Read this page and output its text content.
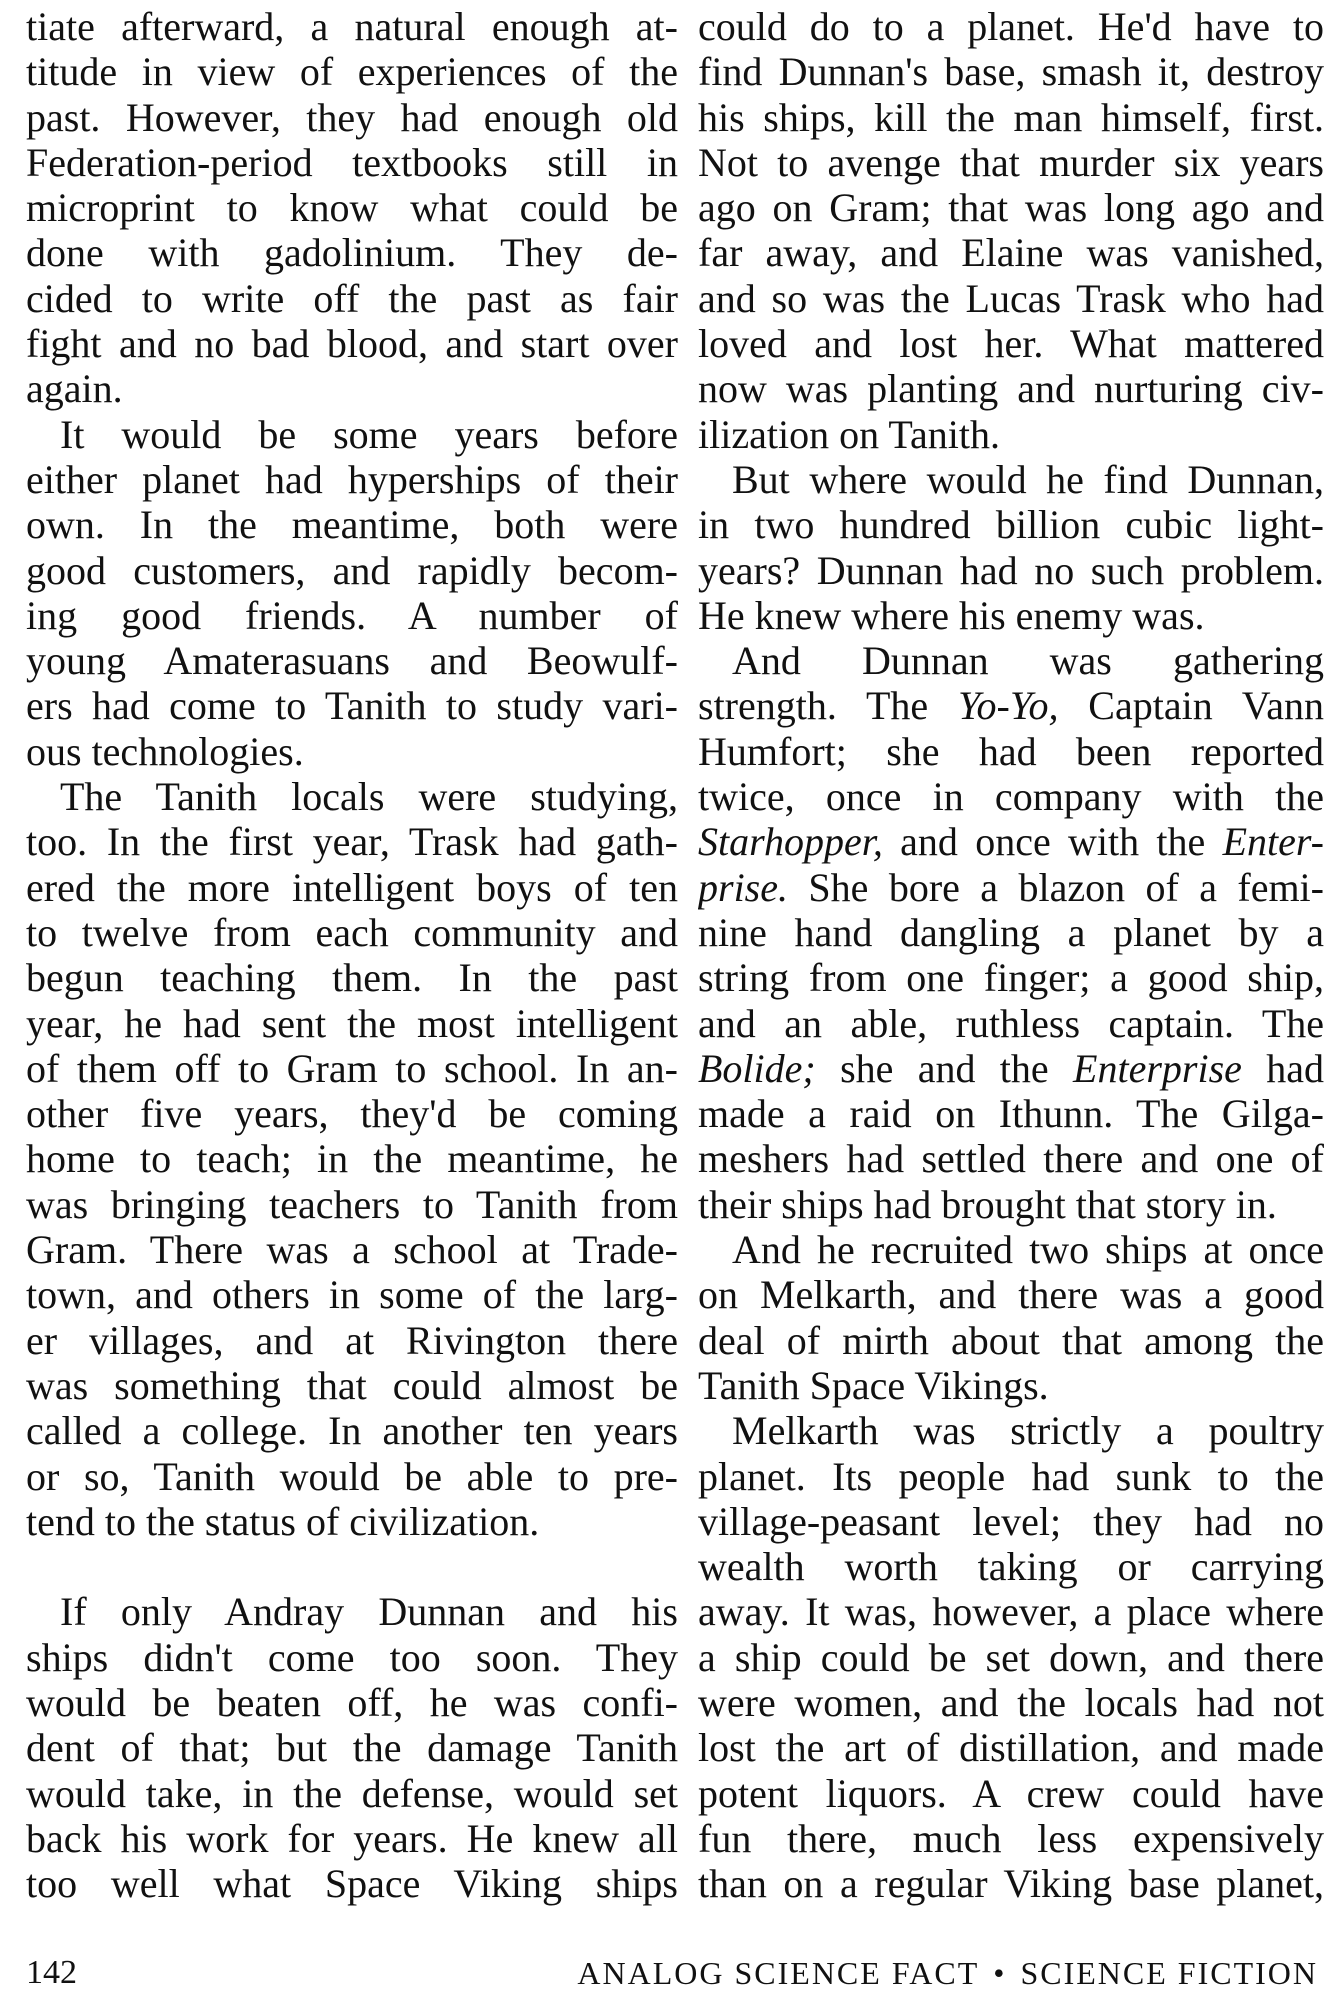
tiate afterward, a natural enough at-
titude in view of experiences of the
past. However, they had enough old
Federation-period textbooks still in
microprint to know what could be
done with gadolinium. They de-
cided to write off the past as fair
fight and no bad blood, and start over
again.
It would be some years before
either planet had hyperships of their
own. In the meantime, both were
good customers, and rapidly becom-
ing good friends. A number of
young Amaterasuans and Beowulf-
ers had come to Tanith to study vari-
ous technologies.
The Tanith locals were studying,
too. In the first year, Trask had gath-
ered the more intelligent boys of ten
to twelve from each community and
begun teaching them. In the past
year, he had sent the most intelligent
of them off to Gram to school. In an-
other five years, they'd be coming
home to teach; in the meantime, he
was bringing teachers to Tanith from
Gram. There was a school at Trade-
town, and others in some of the larg-
er villages, and at Rivington there
was something that could almost be
called a college. In another ten years
or so, Tanith would be able to pre-
tend to the status of civilization.
If only Andray Dunnan and his
ships didn't come too soon. They
would be beaten off, he was confi-
dent of that; but the damage Tanith
would take, in the defense, would set
back his work for years. He knew all
too well what Space Viking ships
could do to a planet. He'd have to
find Dunnan's base, smash it, destroy
his ships, kill the man himself, first.
Not to avenge that murder six years
ago on Gram; that was long ago and
far away, and Elaine was vanished,
and so was the Lucas Trask who had
loved and lost her. What mattered
now was planting and nurturing civ-
ilization on Tanith.
But where would he find Dunnan,
in two hundred billion cubic light-
years? Dunnan had no such problem.
He knew where his enemy was.
And Dunnan was gathering
strength. The Yo-Yo, Captain Vann
Humfort; she had been reported
twice, once in company with the
Starhopper, and once with the Enter-
prise. She bore a blazon of a femi-
nine hand dangling a planet by a
string from one finger; a good ship,
and an able, ruthless captain. The
Bolide; she and the Enterprise had
made a raid on Ithunn. The Gilga-
meshers had settled there and one of
their ships had brought that story in.
And he recruited two ships at once
on Melkarth, and there was a good
deal of mirth about that among the
Tanith Space Vikings.
Melkarth was strictly a poultry
planet. Its people had sunk to the
village-peasant level; they had no
wealth worth taking or carrying
away. It was, however, a place where
a ship could be set down, and there
were women, and the locals had not
lost the art of distillation, and made
potent liquors. A crew could have
fun there, much less expensively
than on a regular Viking base planet,
142	ANALOG SCIENCE FACT • SCIENCE FICTION
